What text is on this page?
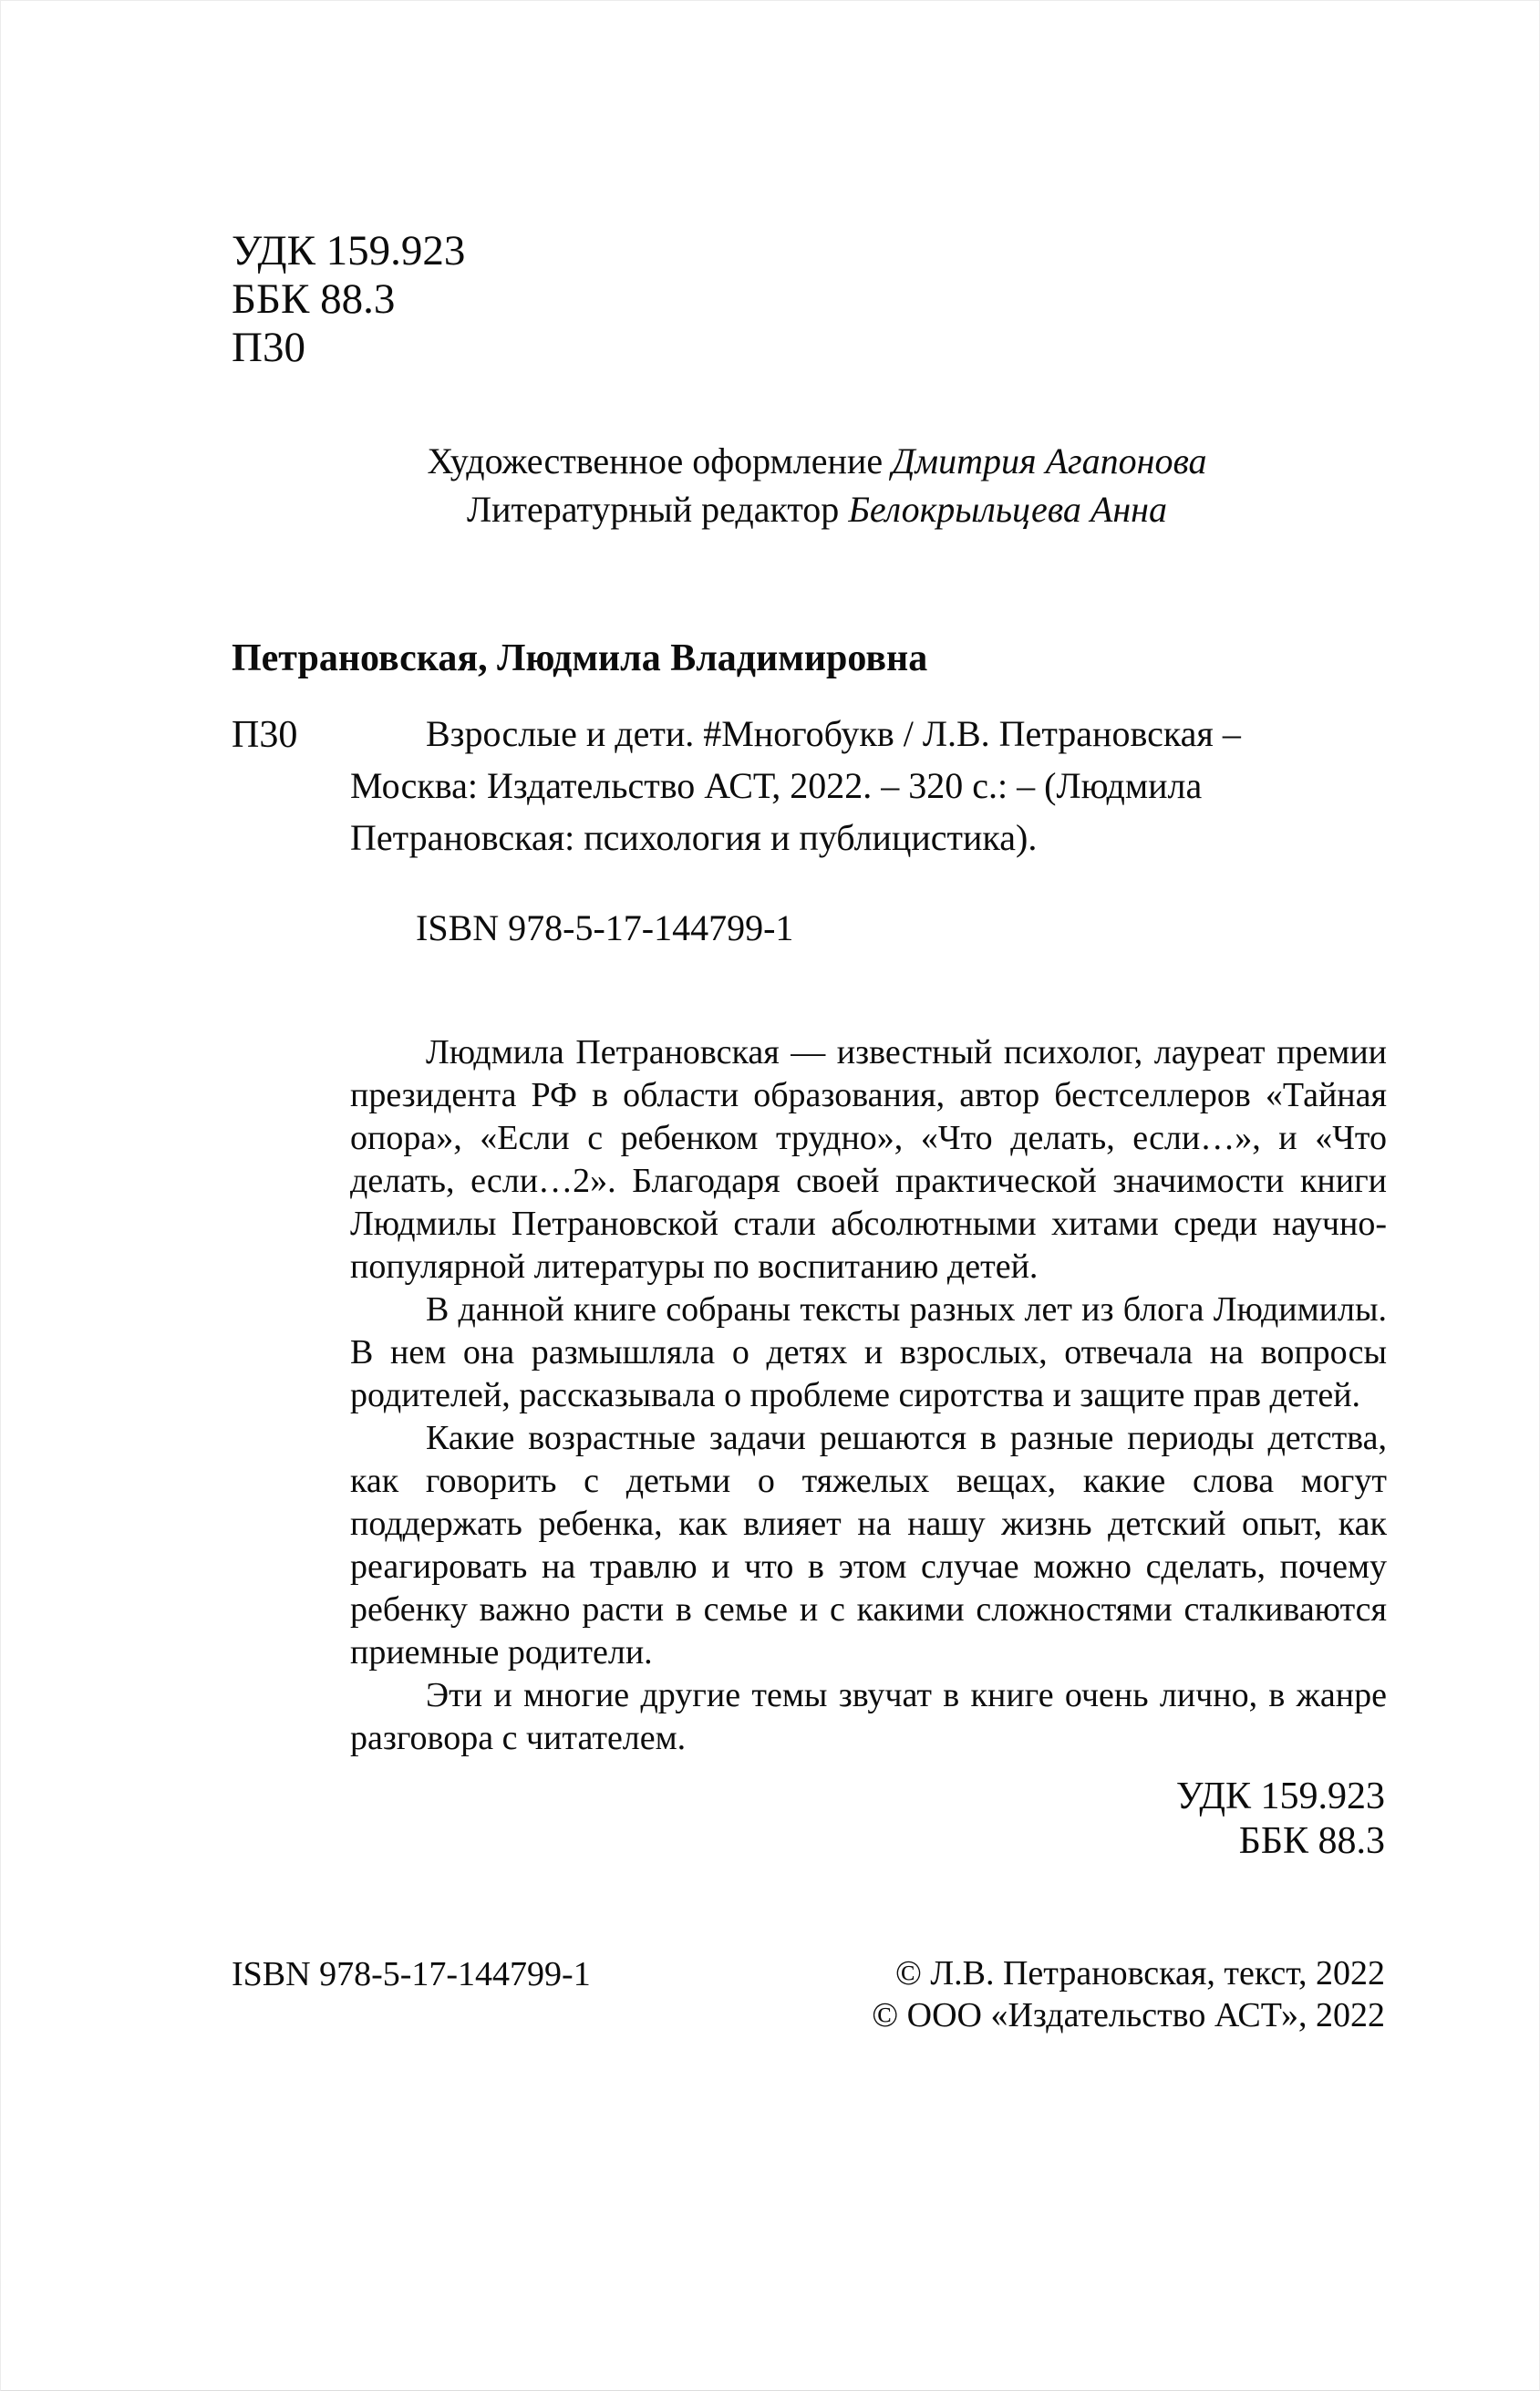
УДК 159.923
ББК 88.3
П30
Художественное оформление Дмитрия Агапонова
Литературный редактор Белокрыльцева Анна
Петрановская, Людмила Владимировна
П30	Взрослые и дети. #Многобукв / Л.В. Петрановская –
Москва: Издательство АСТ, 2022. – 320 с.: – (Людмила
Петрановская: психология и публицистика).
ISBN 978-5-17-144799-1

Людмила Петрановская — известный психолог, лауреат премии президента РФ в области образования, автор бестселлеров «Тайная опора», «Если с ребенком трудно», «Что делать, если…», и «Что делать, если…2». Благодаря своей практической значимости книги Людмилы Петрановской стали абсолютными хитами среди научно-популярной литературы по воспитанию детей.

В данной книге собраны тексты разных лет из блога Людимилы. В нем она размышляла о детях и взрослых, отвечала на вопросы родителей, рассказывала о проблеме сиротства и защите прав детей.

Какие возрастные задачи решаются в разные периоды детства, как говорить с детьми о тяжелых вещах, какие слова могут поддержать ребенка, как влияет на нашу жизнь детский опыт, как реагировать на травлю и что в этом случае можно сделать, почему ребенку важно расти в семье и с какими сложностями сталкиваются приемные родители.

Эти и многие другие темы звучат в книге очень лично, в жанре разговора с читателем.

УДК 159.923
ББК 88.3
ISBN 978-5-17-144799-1	© Л.В. Петрановская, текст, 2022
© ООО «Издательство АСТ», 2022
